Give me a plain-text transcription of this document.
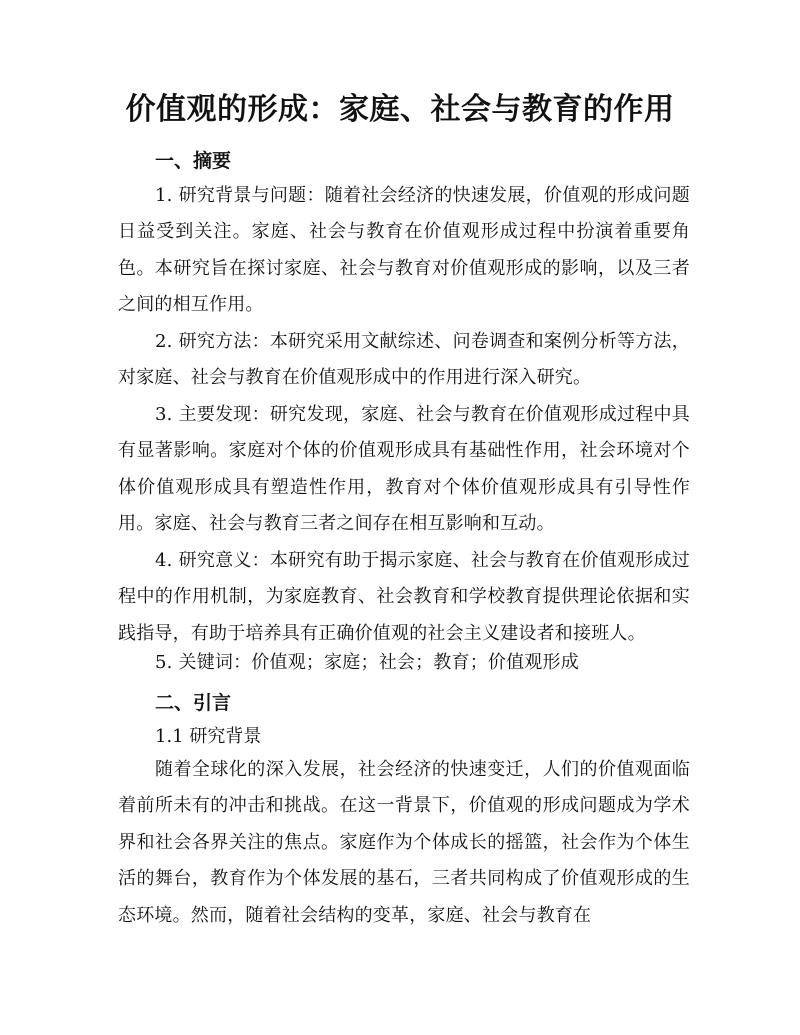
价值观的形成：家庭、社会与教育的作用
一、摘要
1. 研究背景与问题：随着社会经济的快速发展，价值观的形成问题日益受到关注。家庭、社会与教育在价值观形成过程中扮演着重要角色。本研究旨在探讨家庭、社会与教育对价值观形成的影响，以及三者之间的相互作用。
2. 研究方法：本研究采用文献综述、问卷调查和案例分析等方法，对家庭、社会与教育在价值观形成中的作用进行深入研究。
3. 主要发现：研究发现，家庭、社会与教育在价值观形成过程中具有显著影响。家庭对个体的价值观形成具有基础性作用，社会环境对个体价值观形成具有塑造性作用，教育对个体价值观形成具有引导性作用。家庭、社会与教育三者之间存在相互影响和互动。
4. 研究意义：本研究有助于揭示家庭、社会与教育在价值观形成过程中的作用机制，为家庭教育、社会教育和学校教育提供理论依据和实践指导，有助于培养具有正确价值观的社会主义建设者和接班人。
5. 关键词：价值观；家庭；社会；教育；价值观形成
二、引言
1.1 研究背景
随着全球化的深入发展，社会经济的快速变迁，人们的价值观面临着前所未有的冲击和挑战。在这一背景下，价值观的形成问题成为学术界和社会各界关注的焦点。家庭作为个体成长的摇篮，社会作为个体生活的舞台，教育作为个体发展的基石，三者共同构成了价值观形成的生态环境。然而，随着社会结构的变革，家庭、社会与教育在
